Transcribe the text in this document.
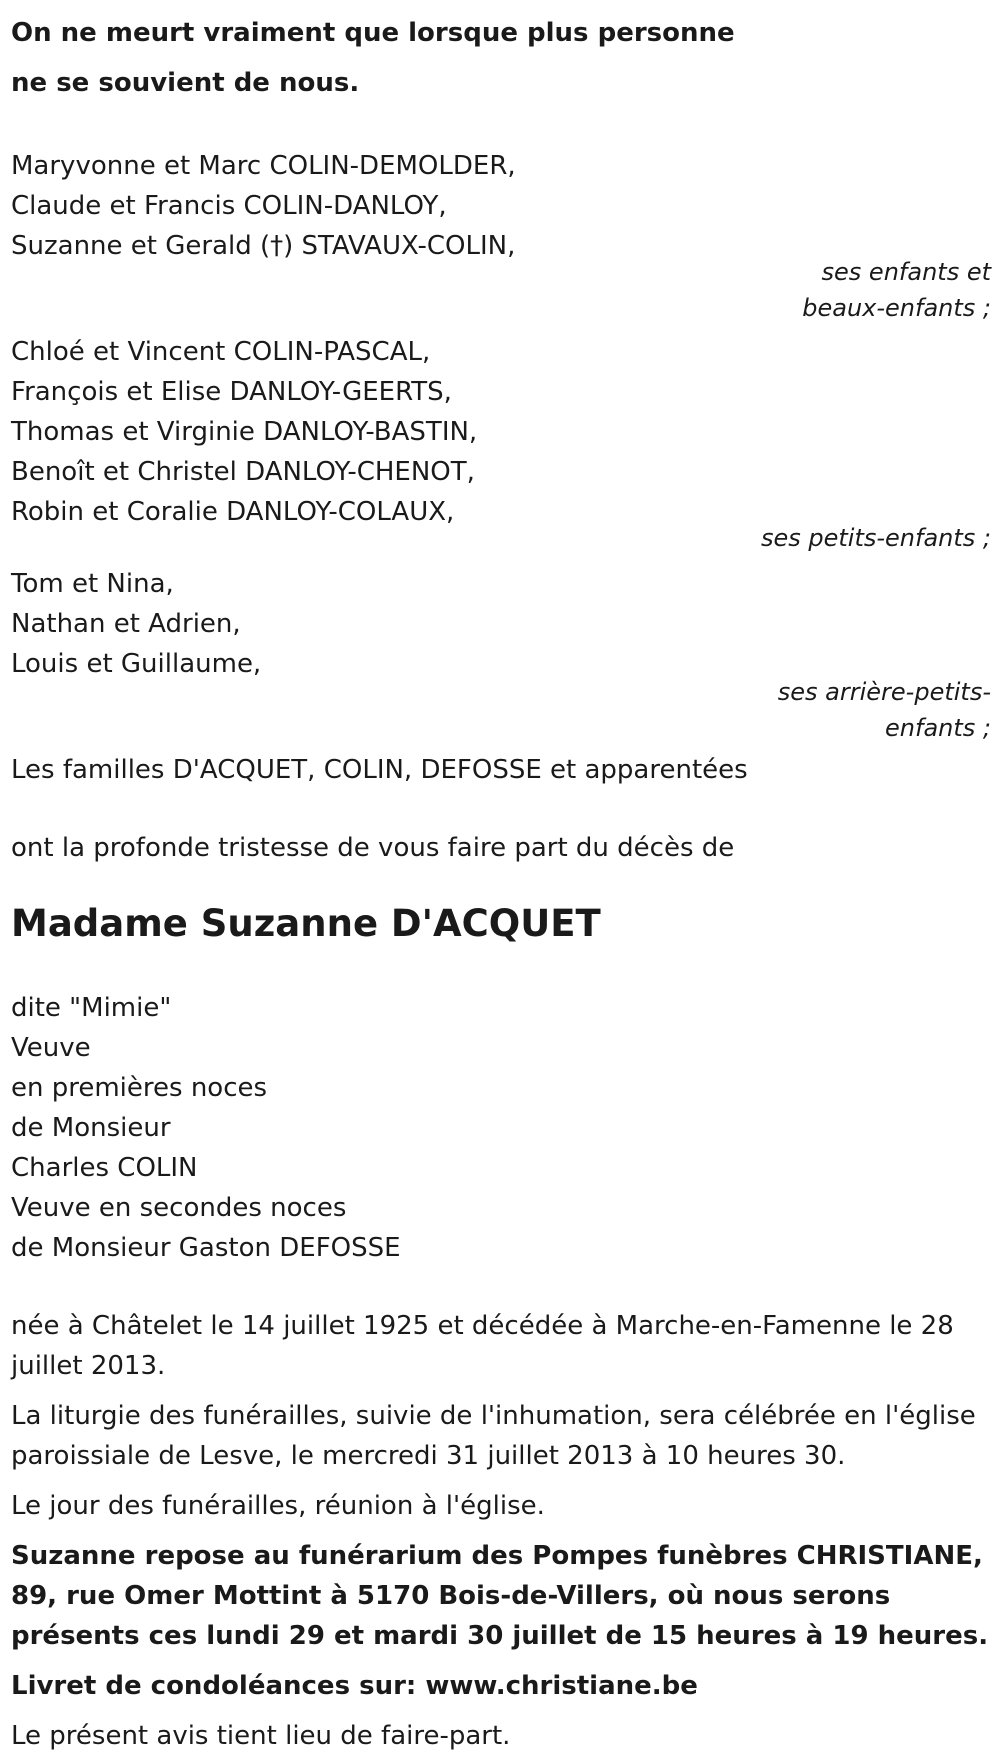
On ne meurt vraiment que lorsque plus personne
ne se souvient de nous.
Maryvonne et Marc COLIN-DEMOLDER,
Claude et Francis COLIN-DANLOY,
Suzanne et Gerald (†) STAVAUX-COLIN,
ses enfants et
beaux-enfants ;
Chloé et Vincent COLIN-PASCAL,
François et Elise DANLOY-GEERTS,
Thomas et Virginie DANLOY-BASTIN,
Benoît et Christel DANLOY-CHENOT,
Robin et Coralie DANLOY-COLAUX,
ses petits-enfants ;
Tom et Nina,
Nathan et Adrien,
Louis et Guillaume,
ses arrière-petits-
enfants ;
Les familles D'ACQUET, COLIN, DEFOSSE et apparentées
ont la profonde tristesse de vous faire part du décès de
Madame Suzanne D'ACQUET
dite "Mimie"
Veuve
en premières noces
de Monsieur
Charles COLIN
Veuve en secondes noces
de Monsieur Gaston DEFOSSE
née à Châtelet le 14 juillet 1925 et décédée à Marche-en-Famenne le 28 juillet 2013.
La liturgie des funérailles, suivie de l'inhumation, sera célébrée en l'église paroissiale de Lesve, le mercredi 31 juillet 2013 à 10 heures 30.
Le jour des funérailles, réunion à l'église.
Suzanne repose au funérarium des Pompes funèbres CHRISTIANE, 89, rue Omer Mottint à 5170 Bois-de-Villers, où nous serons présents ces lundi 29 et mardi 30 juillet de 15 heures à 19 heures.
Livret de condoléances sur: www.christiane.be
Le présent avis tient lieu de faire-part.
